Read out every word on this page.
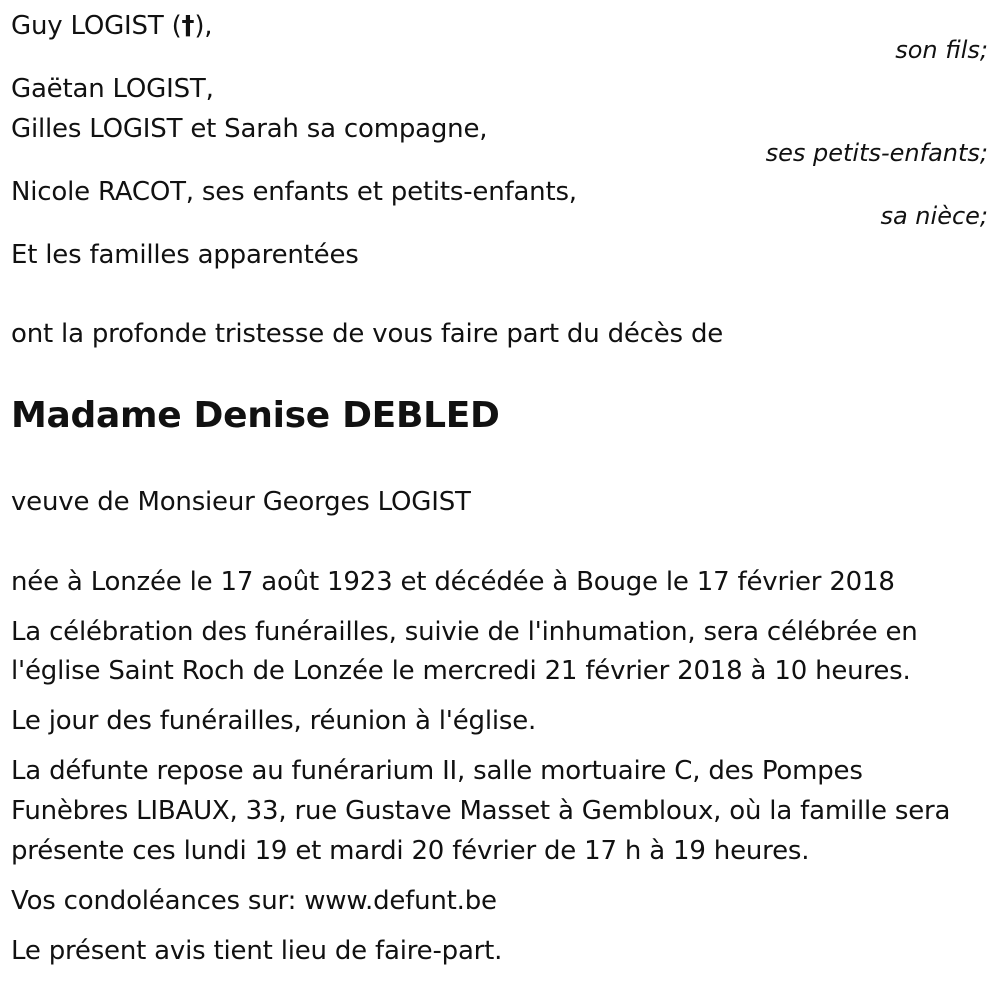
Guy LOGIST (†),
son fils;
Gaëtan LOGIST,
Gilles LOGIST et Sarah sa compagne,
ses petits-enfants;
Nicole RACOT, ses enfants et petits-enfants,
sa nièce;
Et les familles apparentées
ont la profonde tristesse de vous faire part du décès de
Madame Denise DEBLED
veuve de Monsieur Georges LOGIST
née à Lonzée le 17 août 1923 et décédée à Bouge le 17 février 2018
La célébration des funérailles, suivie de l'inhumation, sera célébrée en
l'église Saint Roch de Lonzée le mercredi 21 février 2018 à 10 heures.
Le jour des funérailles, réunion à l'église.
La défunte repose au funérarium II, salle mortuaire C, des Pompes
Funèbres LIBAUX, 33, rue Gustave Masset à Gembloux, où la famille sera
présente ces lundi 19 et mardi 20 février de 17 h à 19 heures.
Vos condoléances sur: www.defunt.be
Le présent avis tient lieu de faire-part.
